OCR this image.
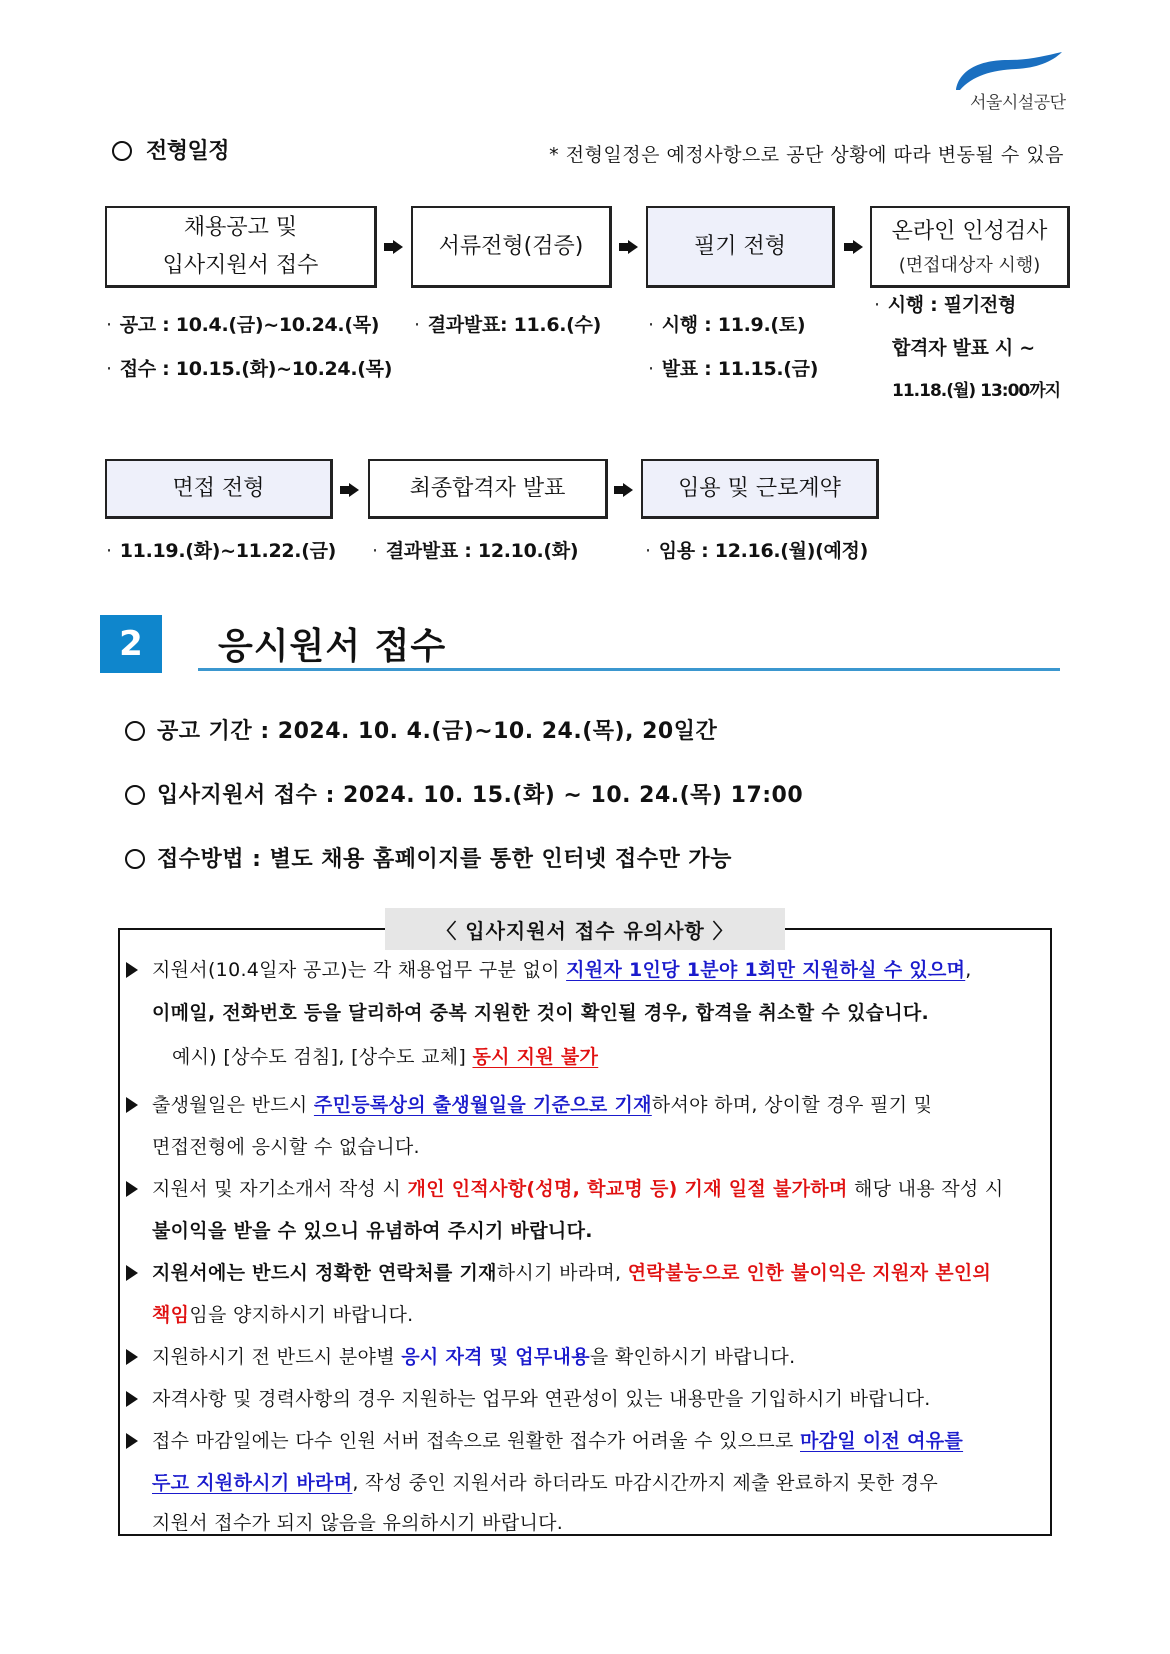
서울시설공단
전형일정	* 전형일정은 예정사항으로 공단 상황에 따라 변동될 수 있음
채용공고 및
입사지원서 접수
서류전형(검증)	필기 전형
온라인 인성검사
(면접대상자 시행)
· 공고 : 10.4.(금)~10.24.(목)
· 접수 : 10.15.(화)~10.24.(목)
· 결과발표: 11.6.(수) · 시행 : 11.9.(토)
· 발표 : 11.15.(금)
· 시행 : 필기전형
합격자 발표 시 ~
11.18.(월) 13:00까지
면접 전형	최종합격자 발표	임용 및 근로계약
· 11.19.(화)~11.22.(금) · 결과발표 : 12.10.(화)	· 임용 : 12.16.(월)(예정)
2	응시원서 접수
공고 기간 : 2024. 10. 4.(금)~10. 24.(목), 20일간
입사지원서 접수 : 2024. 10. 15.(화) ~ 10. 24.(목) 17:00
접수방법 : 별도 채용 홈페이지를 통한 인터넷 접수만 가능
〈 입사지원서 접수 유의사항 〉
지원서(10.4일자 공고)는 각 채용업무 구분 없이 지원자 1인당 1분야 1회만 지원하실 수 있으며,
이메일, 전화번호 등을 달리하여 중복 지원한 것이 확인될 경우, 합격을 취소할 수 있습니다.
예시) [상수도 검침], [상수도 교체] 동시 지원 불가
출생월일은 반드시 주민등록상의 출생월일을 기준으로 기재하셔야 하며, 상이할 경우 필기 및
면접전형에 응시할 수 없습니다.
지원서 및 자기소개서 작성 시 개인 인적사항(성명, 학교명 등) 기재 일절 불가하며 해당 내용 작성 시
불이익을 받을 수 있으니 유념하여 주시기 바랍니다.
지원서에는 반드시 정확한 연락처를 기재하시기 바라며, 연락불능으로 인한 불이익은 지원자 본인의
책임임을 양지하시기 바랍니다.
지원하시기 전 반드시 분야별 응시 자격 및 업무내용을 확인하시기 바랍니다.
자격사항 및 경력사항의 경우 지원하는 업무와 연관성이 있는 내용만을 기입하시기 바랍니다.
접수 마감일에는 다수 인원 서버 접속으로 원활한 접수가 어려울 수 있으므로 마감일 이전 여유를
두고 지원하시기 바라며, 작성 중인 지원서라 하더라도 마감시간까지 제출 완료하지 못한 경우
지원서 접수가 되지 않음을 유의하시기 바랍니다.
